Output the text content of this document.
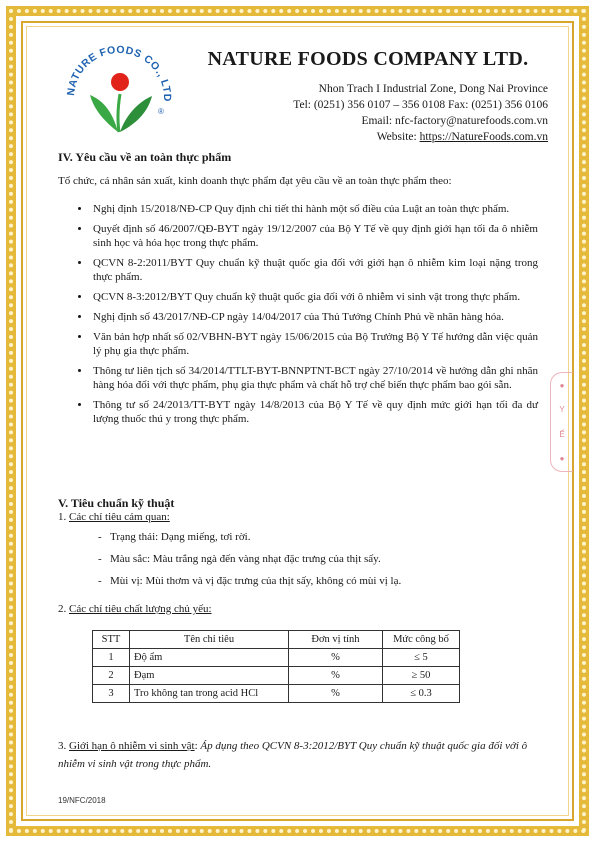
●
Y
Ế
●
NATURE FOODS CO., LTD
®
NATURE FOODS COMPANY LTD.
Nhon Trach I Industrial Zone, Dong Nai Province
Tel: (0251) 356 0107 – 356 0108 Fax: (0251) 356 0106
Email: nfc-factory@naturefoods.com.vn
Website: https://NatureFoods.com.vn
IV. Yêu cầu về an toàn thực phẩm

Tổ chức, cá nhân sản xuất, kinh doanh thực phẩm đạt yêu cầu về an toàn thực phẩm theo:

• Nghị định 15/2018/NĐ-CP Quy định chi tiết thi hành một số điều của Luật an toàn thực phẩm.
• Quyết định số 46/2007/QĐ-BYT ngày 19/12/2007 của Bộ Y Tế về quy định giới hạn tối đa ô nhiễm sinh học và hóa học trong thực phẩm.
• QCVN 8-2:2011/BYT Quy chuẩn kỹ thuật quốc gia đối với giới hạn ô nhiễm kim loại nặng trong thực phẩm.
• QCVN 8-3:2012/BYT Quy chuẩn kỹ thuật quốc gia đối với ô nhiễm vi sinh vật trong thực phẩm.
• Nghị định số 43/2017/NĐ-CP ngày 14/04/2017 của Thủ Tướng Chính Phủ về nhãn hàng hóa.
• Văn bản hợp nhất số 02/VBHN-BYT ngày 15/06/2015 của Bộ Trưởng Bộ Y Tế hướng dẫn việc quản lý phụ gia thực phẩm.
• Thông tư liên tịch số 34/2014/TTLT-BYT-BNNPTNT-BCT ngày 27/10/2014 về hướng dẫn ghi nhãn hàng hóa đối với thực phẩm, phụ gia thực phẩm và chất hỗ trợ chế biến thực phẩm bao gói sẵn.
• Thông tư số 24/2013/TT-BYT ngày 14/8/2013 của Bộ Y Tế về quy định mức giới hạn tối đa dư lượng thuốc thú y trong thực phẩm.
V. Tiêu chuẩn kỹ thuật

1. Các chỉ tiêu cảm quan:

- Trạng thái: Dạng miếng, tơi rời.
- Màu sắc: Màu trắng ngà đến vàng nhạt đặc trưng của thịt sấy.
- Mùi vị: Mùi thơm và vị đặc trưng của thịt sấy, không có mùi vị lạ.

2. Các chỉ tiêu chất lượng chủ yếu:

STT	Tên chỉ tiêu	Đơn vị tính	Mức công bố
1	Độ ẩm	%	≤ 5
2	Đạm	%	≥ 50
3	Tro không tan trong acid HCl	%	≤ 0.3
3. Giới hạn ô nhiễm vi sinh vật: Áp dụng theo QCVN 8-3:2012/BYT Quy chuẩn kỹ thuật quốc gia đối với ô nhiễm vi sinh vật trong thực phẩm.
19/NFC/2018
